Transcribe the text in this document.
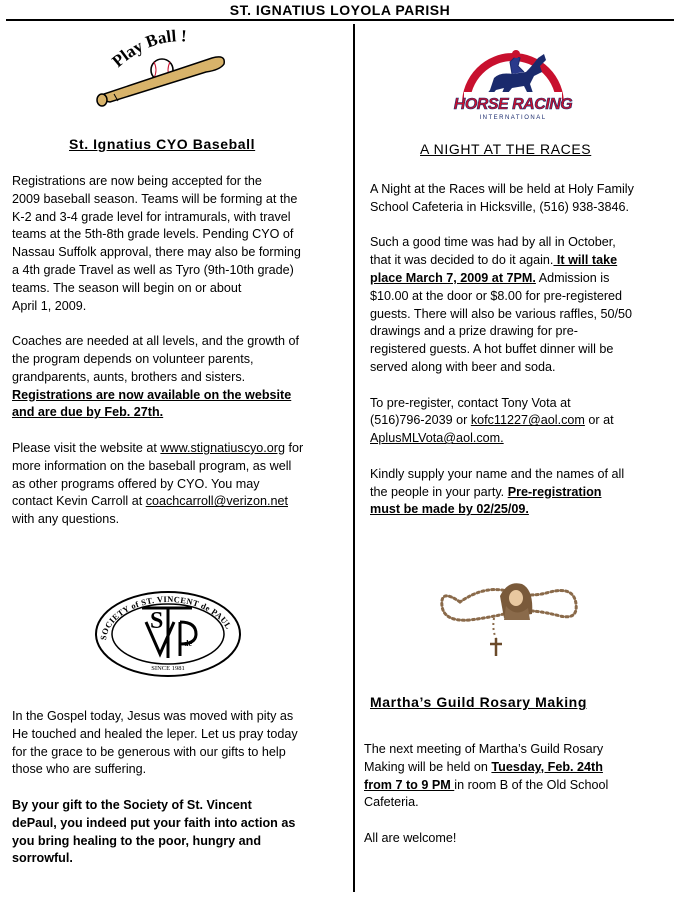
ST. IGNATIUS LOYOLA PARISH
Play Ball !
St. Ignatius CYO Baseball

Registrations are now being accepted for the
2009 baseball season. Teams will be forming at the
K-2 and 3-4 grade level for intramurals, with travel
teams at the 5th-8th grade levels. Pending CYO of
Nassau Suffolk approval, there may also be forming
a 4th grade Travel as well as Tyro (9th-10th grade)
teams. The season will begin on or about
April 1, 2009.

Coaches are needed at all levels, and the growth of
the program depends on volunteer parents,
grandparents, aunts, brothers and sisters.
Registrations are now available on the website
and are due by Feb. 27th.

Please visit the website at www.stignatiuscyo.org for
more information on the baseball program, as well
as other programs offered by CYO. You may
contact Kevin Carroll at coachcarroll@verizon.net
with any questions.

SOCIETY of ST. VINCENT de PAUL
S
de
SINCE 1981

In the Gospel today, Jesus was moved with pity as
He touched and healed the leper. Let us pray today
for the grace to be generous with our gifts to help
those who are suffering.

By your gift to the Society of St. Vincent
dePaul, you indeed put your faith into action as
you bring healing to the poor, hungry and
sorrowful.

HORSE RACING
INTERNATIONAL
A NIGHT AT THE RACES

A Night at the Races will be held at Holy Family
School Cafeteria in Hicksville, (516) 938-3846.

Such a good time was had by all in October,
that it was decided to do it again. It will take
place March 7, 2009 at 7PM. Admission is
$10.00 at the door or $8.00 for pre-registered
guests. There will also be various raffles, 50/50
drawings and a prize drawing for pre-
registered guests. A hot buffet dinner will be
served along with beer and soda.

To pre-register, contact Tony Vota at
(516)796-2039 or kofc11227@aol.com or at
AplusMLVota@aol.com.

Kindly supply your name and the names of all
the people in your party. Pre-registration
must be made by 02/25/09.

Martha’s Guild Rosary Making

The next meeting of Martha’s Guild Rosary
Making will be held on Tuesday, Feb. 24th
from 7 to 9 PM in room B of the Old School
Cafeteria.

All are welcome!
